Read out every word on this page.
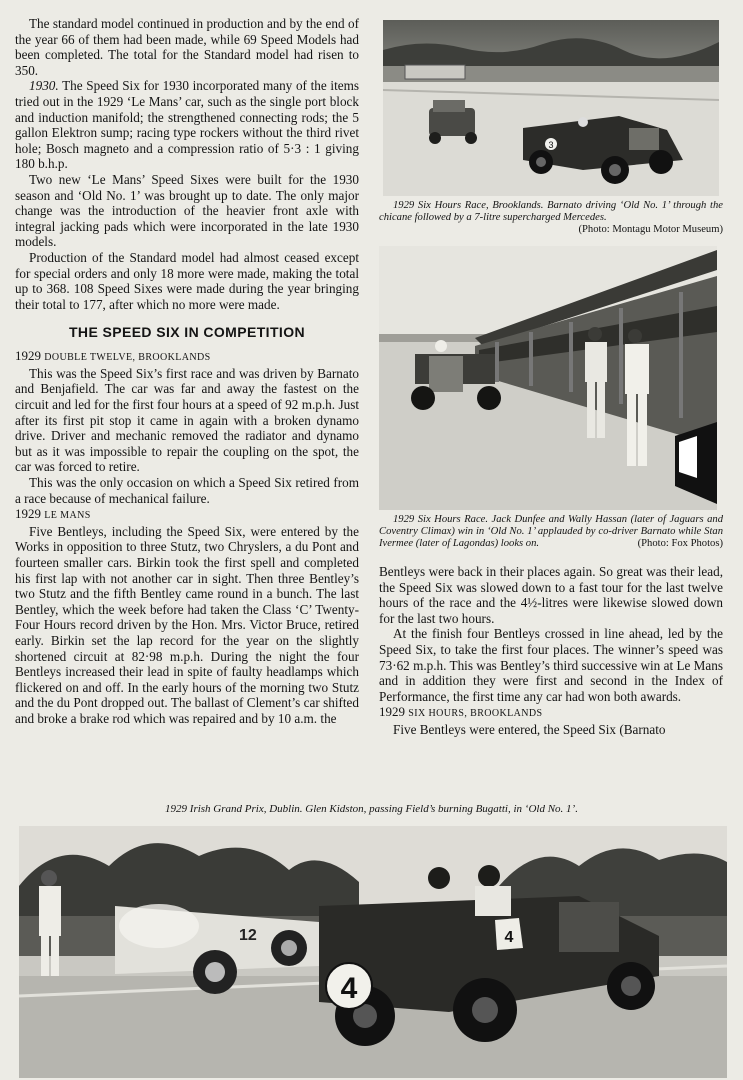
The standard model continued in production and by the end of the year 66 of them had been made, while 69 Speed Models had been completed. The total for the Standard model had risen to 350.

1930. The Speed Six for 1930 incorporated many of the items tried out in the 1929 ‘Le Mans’ car, such as the single port block and induction manifold; the strengthened connecting rods; the 5 gallon Elektron sump; racing type rockers without the third rivet hole; Bosch magneto and a compression ratio of 5·3 : 1 giving 180 b.h.p.

Two new ‘Le Mans’ Speed Sixes were built for the 1930 season and ‘Old No. 1’ was brought up to date. The only major change was the introduction of the heavier front axle with integral jacking pads which were incorporated in the late 1930 models.

Production of the Standard model had almost ceased except for special orders and only 18 more were made, making the total up to 368. 108 Speed Sixes were made during the year bringing their total to 177, after which no more were made.

THE SPEED SIX IN COMPETITION

1929 DOUBLE TWELVE, BROOKLANDS

This was the Speed Six’s first race and was driven by Barnato and Benjafield. The car was far and away the fastest on the circuit and led for the first four hours at a speed of 92 m.p.h. Just after its first pit stop it came in again with a broken dynamo drive. Driver and mechanic removed the radiator and dynamo but as it was impossible to repair the coupling on the spot, the car was forced to retire.

This was the only occasion on which a Speed Six retired from a race because of mechanical failure.

1929 LE MANS

Five Bentleys, including the Speed Six, were entered by the Works in opposition to three Stutz, two Chryslers, a du Pont and fourteen smaller cars. Birkin took the first spell and completed his first lap with not another car in sight. Then three Bentley’s two Stutz and the fifth Bentley came round in a bunch. The last Bentley, which the week before had taken the Class ‘C’ Twenty-Four Hours record driven by the Hon. Mrs. Victor Bruce, retired early. Birkin set the lap record for the year on the slightly shortened circuit at 82·98 m.p.h. During the night the four Bentleys increased their lead in spite of faulty headlamps which flickered on and off. In the early hours of the morning two Stutz and the du Pont dropped out. The ballast of Clement’s car shifted and broke a brake rod which was repaired and by 10 a.m. the

3

1929 Six Hours Race, Brooklands. Barnato driving ‘Old No. 1’ through the chicane followed by a 7-litre supercharged Mercedes.
(Photo: Montagu Motor Museum)

1929 Six Hours Race. Jack Dunfee and Wally Hassan (later of Jaguars and Coventry Climax) win in ‘Old No. 1’ applauded by co-driver Barnato while Stan Ivermee (later of Lagondas) looks on.	(Photo: Fox Photos)

Bentleys were back in their places again. So great was their lead, the Speed Six was slowed down to a fast tour for the last twelve hours of the race and the 4½-litres were likewise slowed down for the last two hours.

At the finish four Bentleys crossed in line ahead, led by the Speed Six, to take the first four places. The winner’s speed was 73·62 m.p.h. This was Bentley’s third successive win at Le Mans and in addition they were first and second in the Index of Performance, the first time any car had won both awards.

1929 SIX HOURS, BROOKLANDS

Five Bentleys were entered, the Speed Six (Barnato

1929 Irish Grand Prix, Dublin. Glen Kidston, passing Field’s burning Bugatti, in ‘Old No. 1’.
12
4
4
